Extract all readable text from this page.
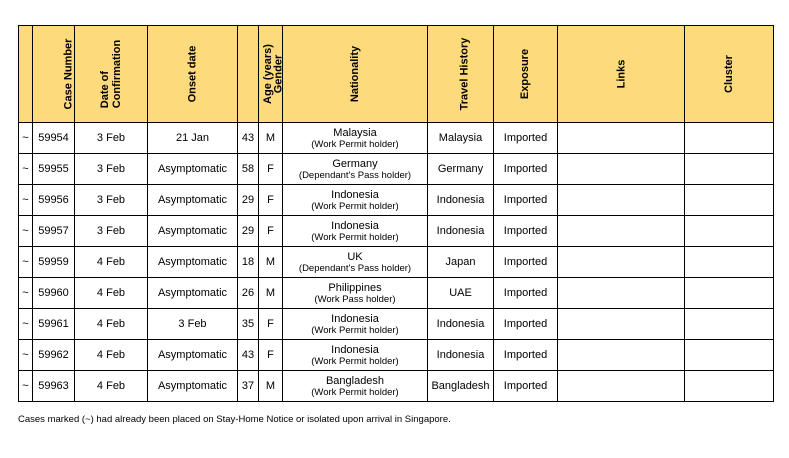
	Case Number	Date of
Confirmation	Onset date	Age (years)	Gender	Nationality	Travel History	Exposure	Links	Cluster
~	59954	3 Feb	21 Jan	43	M	Malaysia
(Work Permit holder)	Malaysia	Imported		
~	59955	3 Feb	Asymptomatic	58	F	Germany
(Dependant's Pass holder)	Germany	Imported		
~	59956	3 Feb	Asymptomatic	29	F	Indonesia
(Work Permit holder)	Indonesia	Imported		
~	59957	3 Feb	Asymptomatic	29	F	Indonesia
(Work Permit holder)	Indonesia	Imported		
~	59959	4 Feb	Asymptomatic	18	M	UK
(Dependant's Pass holder)	Japan	Imported		
~	59960	4 Feb	Asymptomatic	26	M	Philippines
(Work Pass holder)	UAE	Imported		
~	59961	4 Feb	3 Feb	35	F	Indonesia
(Work Permit holder)	Indonesia	Imported		
~	59962	4 Feb	Asymptomatic	43	F	Indonesia
(Work Permit holder)	Indonesia	Imported		
~	59963	4 Feb	Asymptomatic	37	M	Bangladesh
(Work Permit holder)	Bangladesh	Imported		
Cases marked (~) had already been placed on Stay-Home Notice or isolated upon arrival in Singapore.
